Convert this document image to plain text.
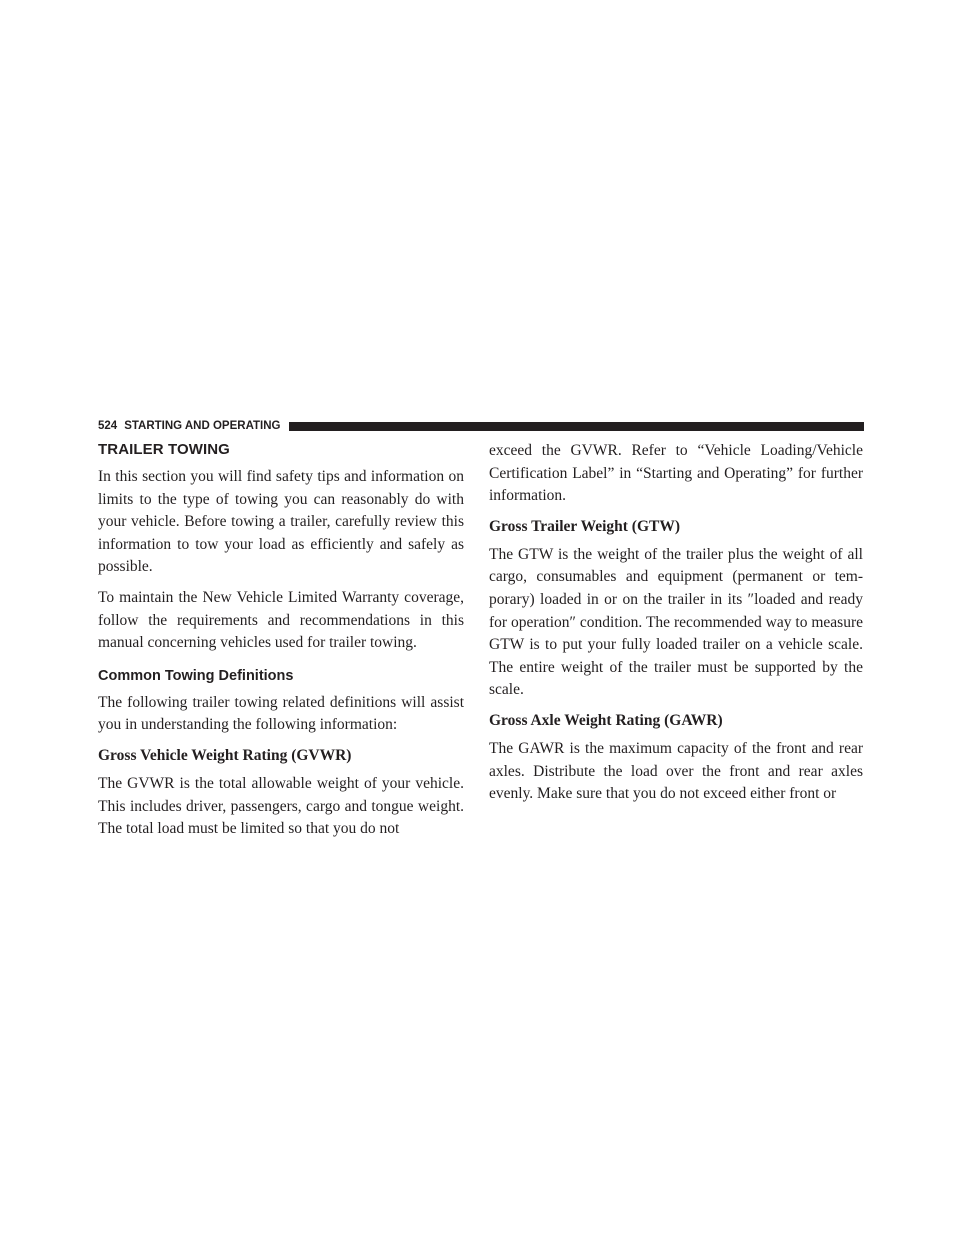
524 STARTING AND OPERATING
TRAILER TOWING

In this section you will find safety tips and information on limits to the type of towing you can reasonably do with your vehicle. Before towing a trailer, carefully review this information to tow your load as efficiently and safely as possible.

To maintain the New Vehicle Limited Warranty coverage, follow the requirements and recommendations in this manual concerning vehicles used for trailer towing.

Common Towing Definitions

The following trailer towing related definitions will assist you in understanding the following information:

Gross Vehicle Weight Rating (GVWR)

The GVWR is the total allowable weight of your vehicle. This includes driver, passengers, cargo and tongue weight. The total load must be limited so that you do not

exceed the GVWR. Refer to “Vehicle Loading/Vehicle Certification Label” in “Starting and Operating” for further information.

Gross Trailer Weight (GTW)

The GTW is the weight of the trailer plus the weight of all cargo, consumables and equipment (permanent or tem-porary) loaded in or on the trailer in its ″loaded and ready for operation″ condition. The recommended way to measure GTW is to put your fully loaded trailer on a vehicle scale. The entire weight of the trailer must be supported by the scale.

Gross Axle Weight Rating (GAWR)

The GAWR is the maximum capacity of the front and rear axles. Distribute the load over the front and rear axles evenly. Make sure that you do not exceed either front or
